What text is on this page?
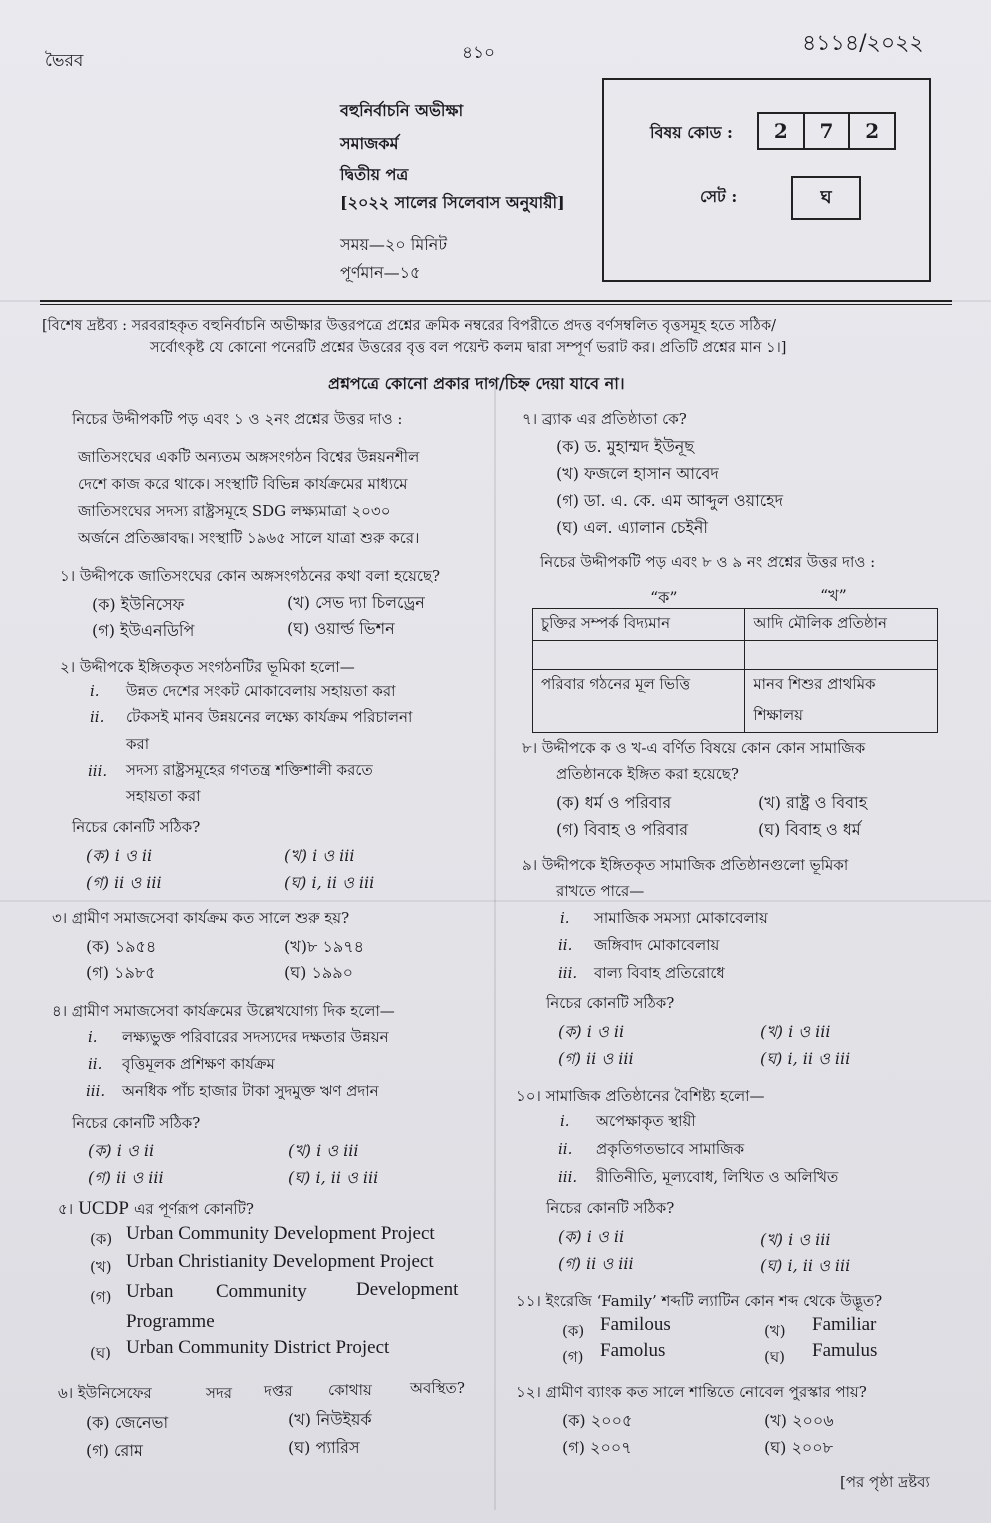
ভৈরব	৪১০	৪১১৪/২০২২
বহুনির্বাচনি অভীক্ষা
সমাজকর্ম
দ্বিতীয় পত্র
[২০২২ সালের সিলেবাস অনুযায়ী]
সময়—২০ মিনিট
পূর্ণমান—১৫
বিষয় কোড :	2	7	2
সেট :	ঘ
[বিশেষ দ্রষ্টব্য : সরবরাহকৃত বহুনির্বাচনি অভীক্ষার উত্তরপত্রে প্রশ্নের ক্রমিক নম্বরের বিপরীতে প্রদত্ত বর্ণসম্বলিত বৃত্তসমূহ হতে সঠিক/
সর্বোৎকৃষ্ট যে কোনো পনেরটি প্রশ্নের উত্তরের বৃত্ত বল পয়েন্ট কলম দ্বারা সম্পূর্ণ ভরাট কর। প্রতিটি প্রশ্নের মান ১।]
প্রশ্নপত্রে কোনো প্রকার দাগ/চিহ্ন দেয়া যাবে না।
নিচের উদ্দীপকটি পড় এবং ১ ও ২নং প্রশ্নের উত্তর দাও :
জাতিসংঘের একটি অন্যতম অঙ্গসংগঠন বিশ্বের উন্নয়নশীল
দেশে কাজ করে থাকে। সংস্থাটি বিভিন্ন কার্যক্রমের মাধ্যমে
জাতিসংঘের সদস্য রাষ্ট্রসমূহে SDG লক্ষ্যমাত্রা ২০৩০
অর্জনে প্রতিজ্ঞাবদ্ধ। সংস্থাটি ১৯৬৫ সালে যাত্রা শুরু করে।
১। উদ্দীপকে জাতিসংঘের কোন অঙ্গসংগঠনের কথা বলা হয়েছে?
(ক) ইউনিসেফ	(খ) সেভ দ্যা চিলড্রেন
(গ) ইউএনডিপি	(ঘ) ওয়ার্ল্ড ভিশন
২। উদ্দীপকে ইঙ্গিতকৃত সংগঠনটির ভূমিকা হলো—
i. উন্নত দেশের সংকট মোকাবেলায় সহায়তা করা
ii. টেকসই মানব উন্নয়নের লক্ষ্যে কার্যক্রম পরিচালনা
করা
iii. সদস্য রাষ্ট্রসমূহের গণতন্ত্র শক্তিশালী করতে
সহায়তা করা
নিচের কোনটি সঠিক?
(ক) i ও ii	(খ) i ও iii
(গ) ii ও iii	(ঘ) i, ii ও iii
৩। গ্রামীণ সমাজসেবা কার্যক্রম কত সালে শুরু হয়?
(ক) ১৯৫৪	(খ)৮ ১৯৭৪
(গ) ১৯৮৫	(ঘ) ১৯৯০
৪। গ্রামীণ সমাজসেবা কার্যক্রমের উল্লেখযোগ্য দিক হলো—
i. লক্ষ্যভুক্ত পরিবারের সদস্যদের দক্ষতার উন্নয়ন
ii. বৃত্তিমূলক প্রশিক্ষণ কার্যক্রম
iii. অনধিক পাঁচ হাজার টাকা সুদমুক্ত ঋণ প্রদান
নিচের কোনটি সঠিক?
(ক) i ও ii	(খ) i ও iii
(গ) ii ও iii	(ঘ) i, ii ও iii
৫। UCDP এর পূর্ণরূপ কোনটি?
(ক) Urban Community Development Project
(খ) Urban Christianity Development Project
(গ) Urban Community	Development
Programme
(ঘ) Urban Community District Project
৬। ইউনিসেফের	সদর দপ্তর কোথায়	অবস্থিত?
(ক) জেনেভা	(খ) নিউইয়র্ক
(গ) রোম	(ঘ) প্যারিস
৭। ব্র্যাক এর প্রতিষ্ঠাতা কে?
(ক) ড. মুহাম্মদ ইউনূছ
(খ) ফজলে হাসান আবেদ
(গ) ডা. এ. কে. এম আব্দুল ওয়াহেদ
(ঘ) এল. এ্যালান চেইনী
নিচের উদ্দীপকটি পড় এবং ৮ ও ৯ নং প্রশ্নের উত্তর দাও :
“ক”	“খ”
চুক্তির সম্পর্ক বিদ্যমান	আদি মৌলিক প্রতিষ্ঠান

পরিবার গঠনের মূল ভিত্তি	মানব শিশুর প্রাথমিক
	শিক্ষালয়
৮। উদ্দীপকে ক ও খ-এ বর্ণিত বিষয়ে কোন কোন সামাজিক
প্রতিষ্ঠানকে ইঙ্গিত করা হয়েছে?
(ক) ধর্ম ও পরিবার	(খ) রাষ্ট্র ও বিবাহ
(গ) বিবাহ ও পরিবার	(ঘ) বিবাহ ও ধর্ম
৯। উদ্দীপকে ইঙ্গিতকৃত সামাজিক প্রতিষ্ঠানগুলো ভূমিকা
রাখতে পারে—
i. সামাজিক সমস্যা মোকাবেলায়
ii. জঙ্গিবাদ মোকাবেলায়
iii. বাল্য বিবাহ প্রতিরোধে
নিচের কোনটি সঠিক?
(ক) i ও ii	(খ) i ও iii
(গ) ii ও iii	(ঘ) i, ii ও iii
১০। সামাজিক প্রতিষ্ঠানের বৈশিষ্ট্য হলো—
i. অপেক্ষাকৃত স্থায়ী
ii. প্রকৃতিগতভাবে সামাজিক
iii. রীতিনীতি, মূল্যবোধ, লিখিত ও অলিখিত
নিচের কোনটি সঠিক?
(ক) i ও ii	(খ) i ও iii
(গ) ii ও iii	(ঘ) i, ii ও iii
১১। ইংরেজি ‘Family’ শব্দটি ল্যাটিন কোন শব্দ থেকে উদ্ভূত?
(ক) Familous	(খ) Familiar
(গ) Famolus	(ঘ) Famulus
১২। গ্রামীণ ব্যাংক কত সালে শান্তিতে নোবেল পুরস্কার পায়?
(ক) ২০০৫	(খ) ২০০৬
(গ) ২০০৭	(ঘ) ২০০৮
[পর পৃষ্ঠা দ্রষ্টব্য
